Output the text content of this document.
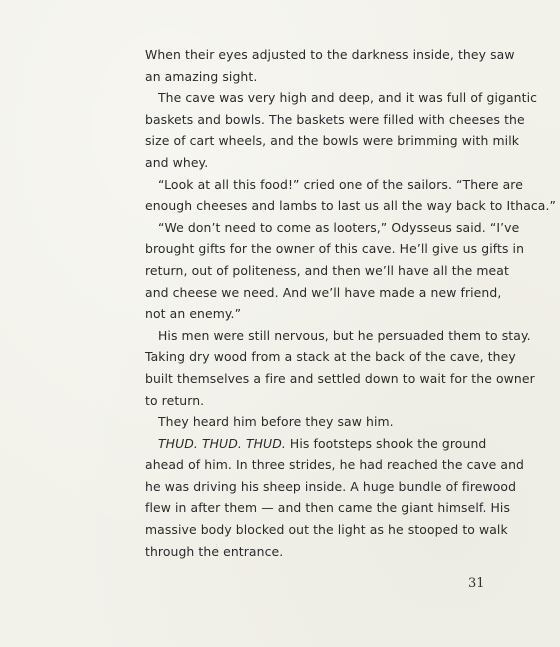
When their eyes adjusted to the darkness inside, they saw
an amazing sight.
The cave was very high and deep, and it was full of gigantic
baskets and bowls. The baskets were filled with cheeses the
size of cart wheels, and the bowls were brimming with milk
and whey.
“Look at all this food!” cried one of the sailors. “There are
enough cheeses and lambs to last us all the way back to Ithaca.”
“We don’t need to come as looters,” Odysseus said. “I’ve
brought gifts for the owner of this cave. He’ll give us gifts in
return, out of politeness, and then we’ll have all the meat
and cheese we need. And we’ll have made a new friend,
not an enemy.”
His men were still nervous, but he persuaded them to stay.
Taking dry wood from a stack at the back of the cave, they
built themselves a fire and settled down to wait for the owner
to return.
They heard him before they saw him.
THUD. THUD. THUD. His footsteps shook the ground
ahead of him. In three strides, he had reached the cave and
he was driving his sheep inside. A huge bundle of firewood
flew in after them — and then came the giant himself. His
massive body blocked out the light as he stooped to walk
through the entrance.
31
